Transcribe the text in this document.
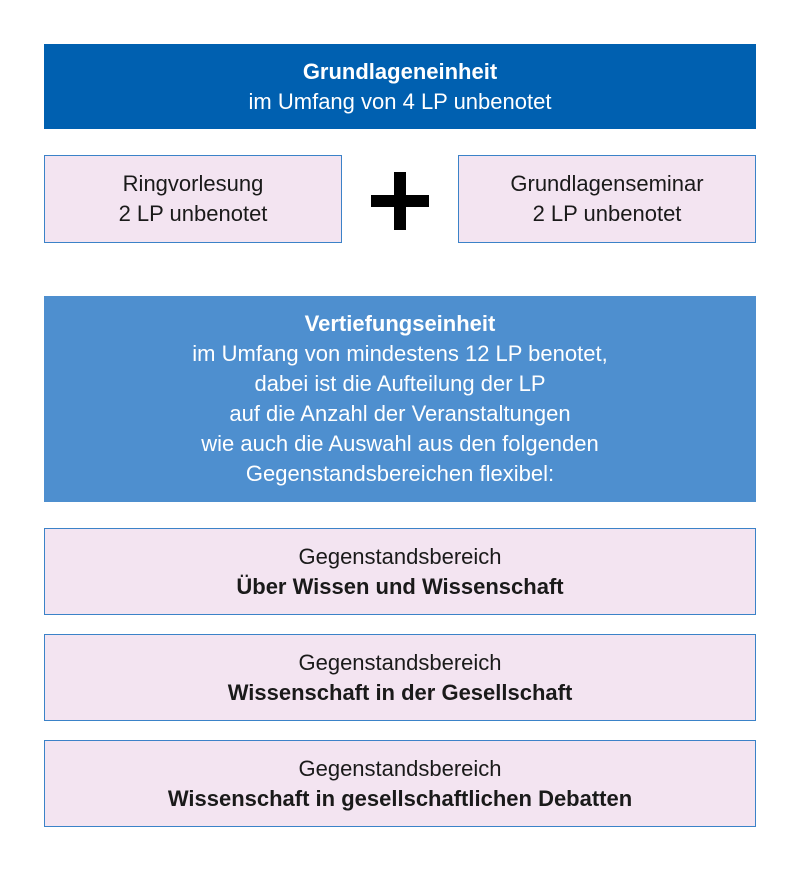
Grundlageneinheit
im Umfang von 4 LP unbenotet
Ringvorlesung
2 LP unbenotet
Grundlagenseminar
2 LP unbenotet
Vertiefungseinheit
im Umfang von mindestens 12 LP benotet,
dabei ist die Aufteilung der LP
auf die Anzahl der Veranstaltungen
wie auch die Auswahl aus den folgenden
Gegenstandsbereichen flexibel:
Gegenstandsbereich
Über Wissen und Wissenschaft
Gegenstandsbereich
Wissenschaft in der Gesellschaft
Gegenstandsbereich
Wissenschaft in gesellschaftlichen Debatten
